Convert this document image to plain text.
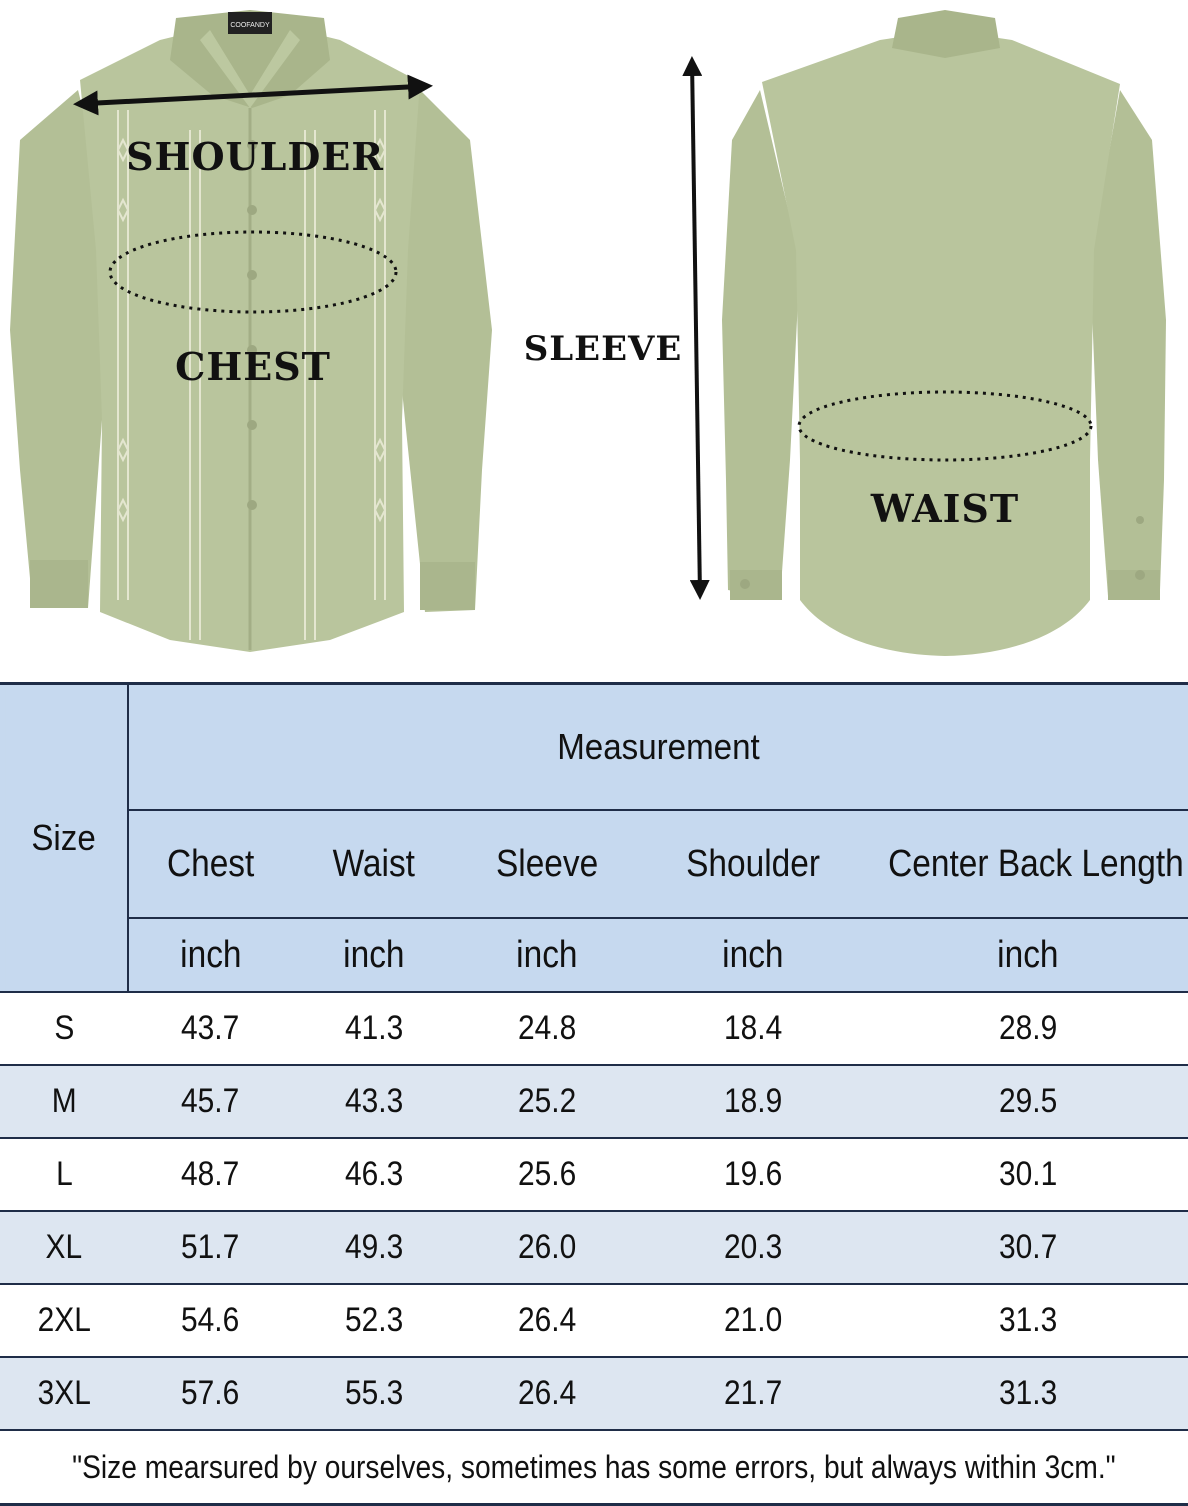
COOFANDY
SHOULDER
CHEST	SLEEVE
WAIST
Size	Measurement				
	Chest	Waist	Sleeve	Shoulder	Center Back Length
	inch	inch	inch	inch	inch
S	43.7	41.3	24.8	18.4	28.9
M	45.7	43.3	25.2	18.9	29.5
L	48.7	46.3	25.6	19.6	30.1
XL	51.7	49.3	26.0	20.3	30.7
2XL	54.6	52.3	26.4	21.0	31.3
3XL	57.6	55.3	26.4	21.7	31.3
"Size mearsured by ourselves, sometimes has some errors, but always within 3cm."					
